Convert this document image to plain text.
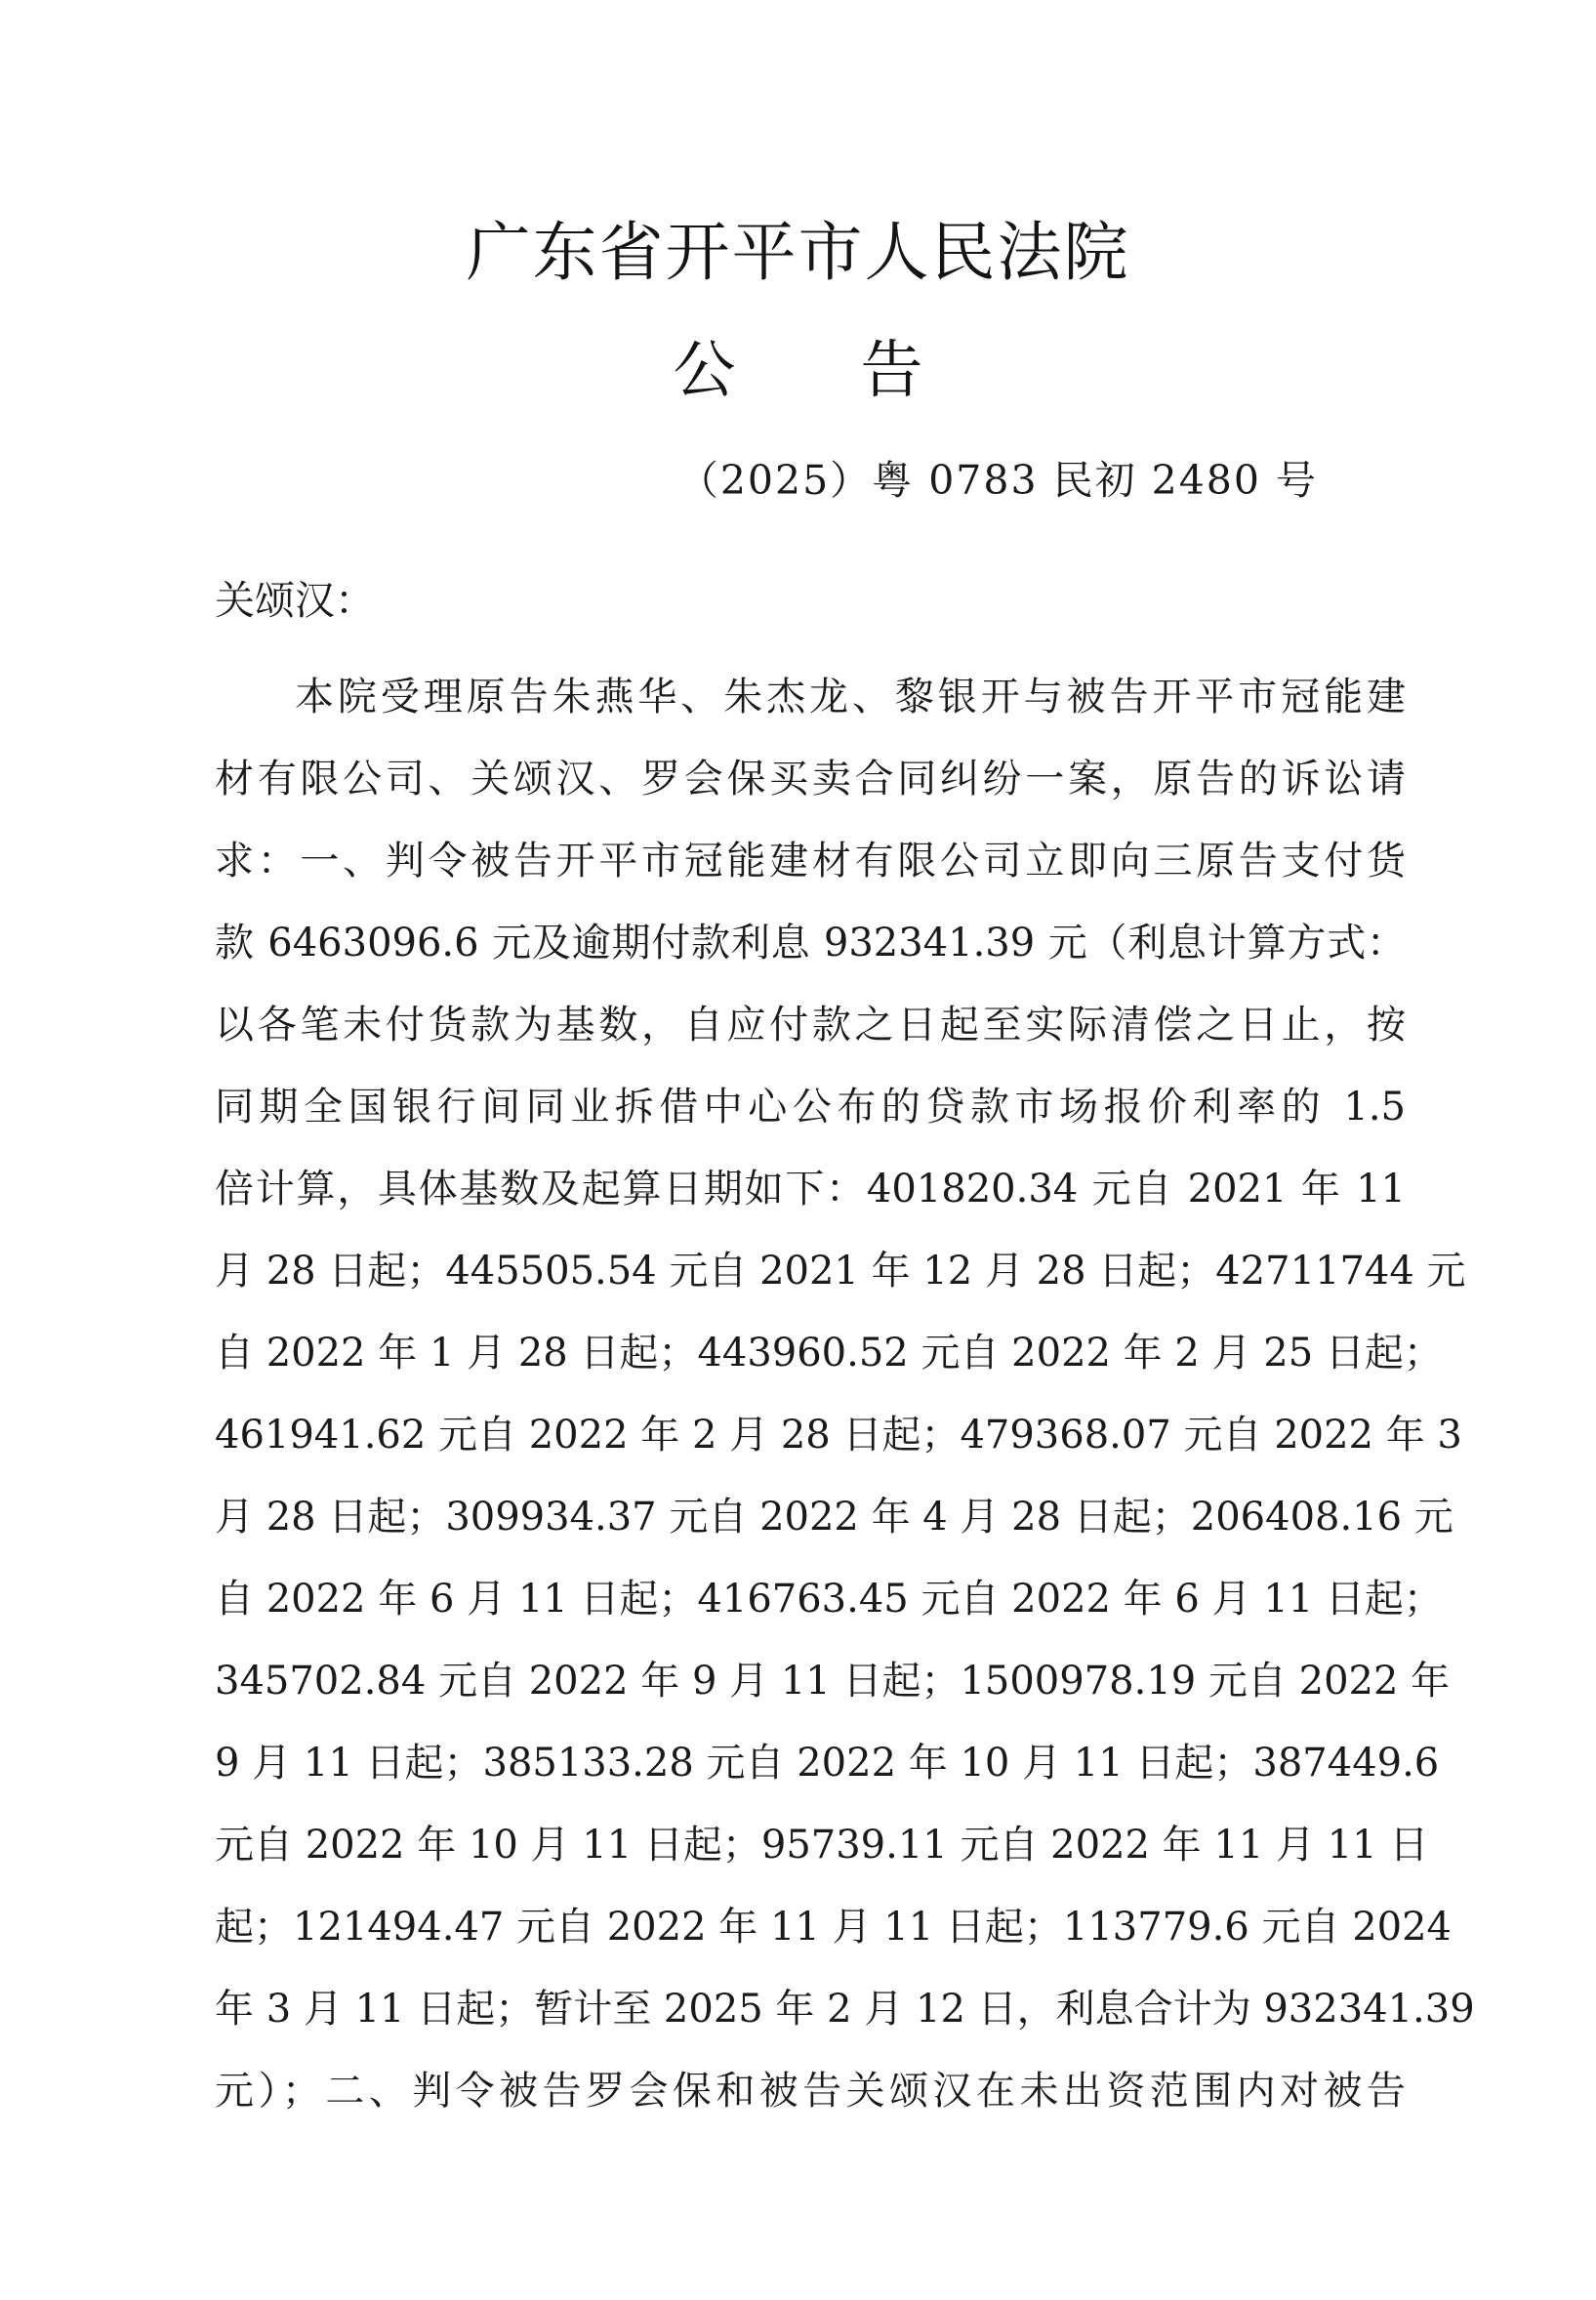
广东省开平市人民法院
公告

（2025）粤 0783 民初 2480 号

关颂汉：

本院受理原告朱燕华、朱杰龙、黎银开与被告开平市冠能建
材有限公司、关颂汉、罗会保买卖合同纠纷一案，原告的诉讼请
求：一、判令被告开平市冠能建材有限公司立即向三原告支付货
款 6463096.6 元及逾期付款利息 932341.39 元（利息计算方式：
以各笔未付货款为基数，自应付款之日起至实际清偿之日止，按
同期全国银行间同业拆借中心公布的贷款市场报价利率的 1.5
倍计算，具体基数及起算日期如下：401820.34 元自 2021 年 11
月 28 日起；445505.54 元自 2021 年 12 月 28 日起；42711744 元
自 2022 年 1 月 28 日起；443960.52 元自 2022 年 2 月 25 日起；
461941.62 元自 2022 年 2 月 28 日起；479368.07 元自 2022 年 3
月 28 日起；309934.37 元自 2022 年 4 月 28 日起；206408.16 元
自 2022 年 6 月 11 日起；416763.45 元自 2022 年 6 月 11 日起；
345702.84 元自 2022 年 9 月 11 日起；1500978.19 元自 2022 年
9 月 11 日起；385133.28 元自 2022 年 10 月 11 日起；387449.6
元自 2022 年 10 月 11 日起；95739.11 元自 2022 年 11 月 11 日
起；121494.47 元自 2022 年 11 月 11 日起；113779.6 元自 2024
年 3 月 11 日起；暂计至 2025 年 2 月 12 日，利息合计为 932341.39
元）；二、判令被告罗会保和被告关颂汉在未出资范围内对被告
